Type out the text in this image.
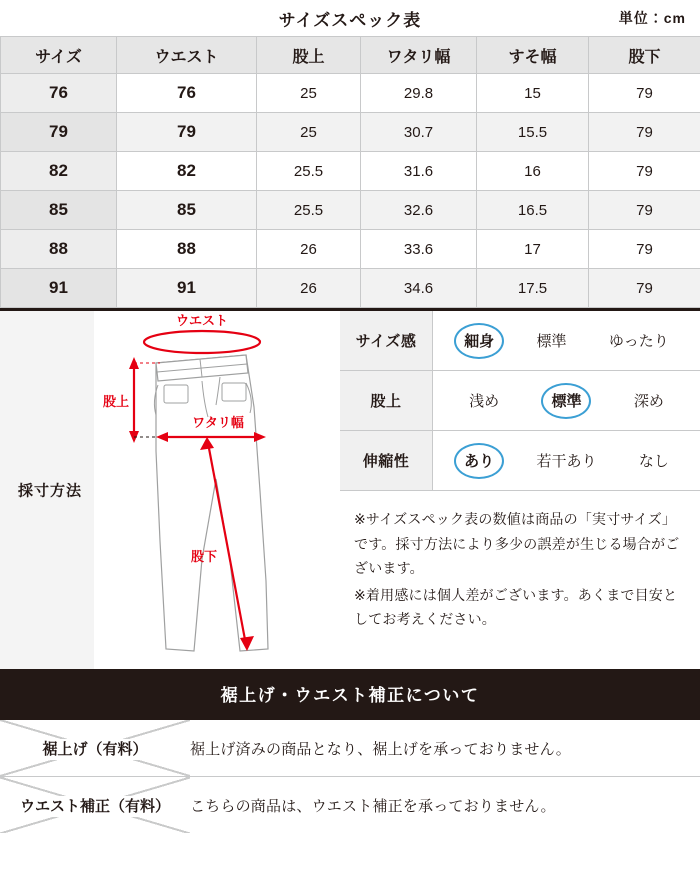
サイズスペック表	単位：cm
サイズ	ウエスト	股上	ワタリ幅	すそ幅	股下
76	76	25	29.8	15	79
79	79	25	30.7	15.5	79
82	82	25.5	31.6	16	79
85	85	25.5	32.6	16.5	79
88	88	26	33.6	17	79
91	91	26	34.6	17.5	79
採寸方法
ウエスト
股上
ワタリ幅
股下
サイズ感	細身 標準 ゆったり

股上	浅め 標準 深め

伸縮性	あり 若干あり なし

※サイズスペック表の数値は商品の「実寸サイズ」です。採寸方法により多少の誤差が生じる場合がございます。

※着用感には個人差がございます。あくまで目安としてお考えください。

裾上げ・ウエスト補正について
裾上げ（有料）	裾上げ済みの商品となり、裾上げを承っておりません。
ウエスト補正（有料）	こちらの商品は、ウエスト補正を承っておりません。
